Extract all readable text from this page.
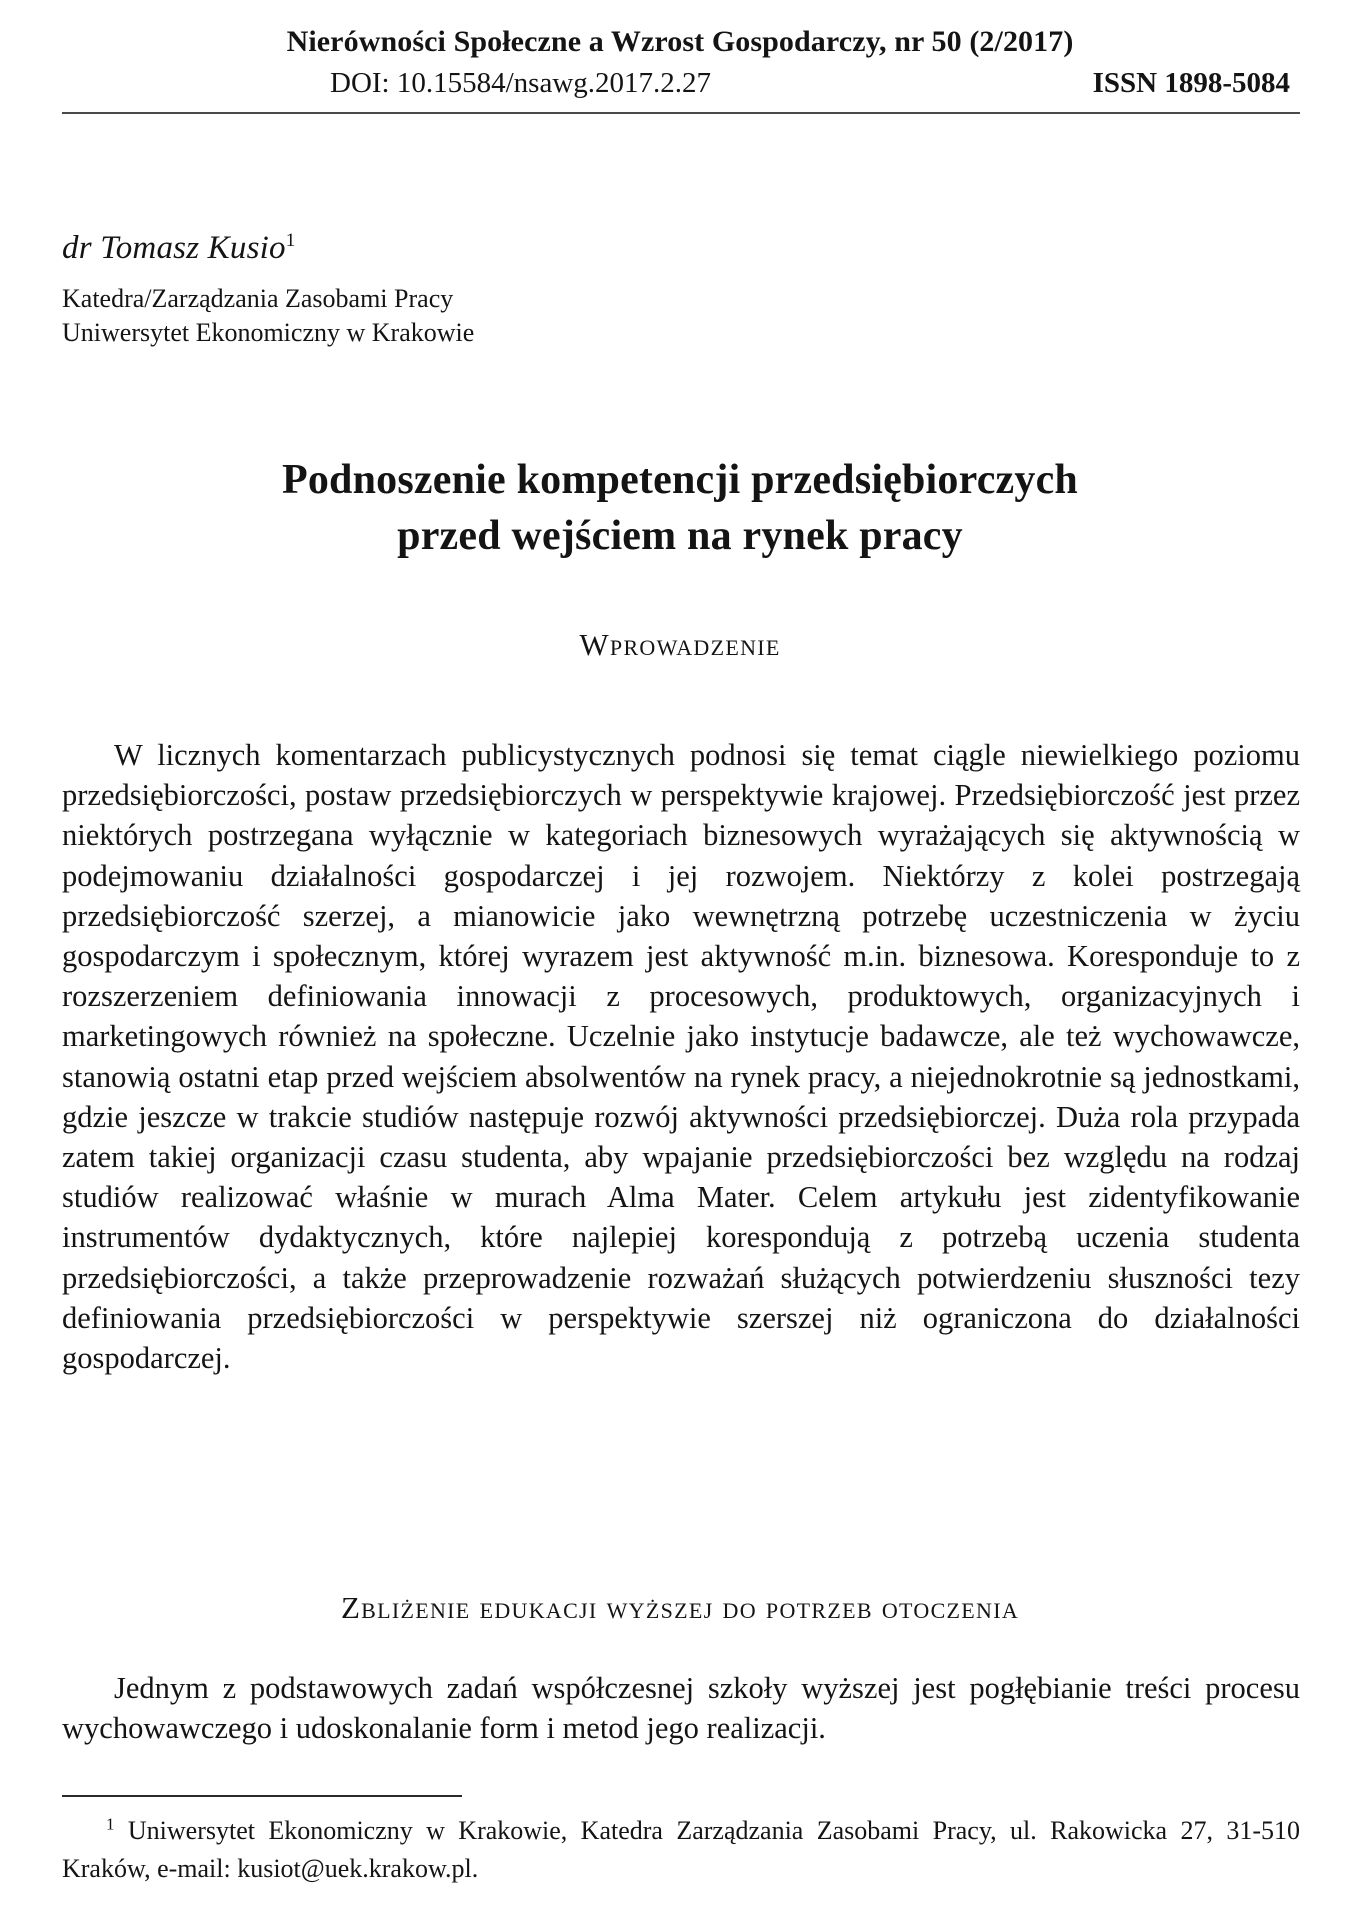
Nierówności Społeczne a Wzrost Gospodarczy, nr 50 (2/2017)
DOI: 10.15584/nsawg.2017.2.27	ISSN 1898-5084
dr Tomasz Kusio$^1$
Katedra/Zarządzania Zasobami Pracy
Uniwersytet Ekonomiczny w Krakowie
Podnoszenie kompetencji przedsiębiorczych
przed wejściem na rynek pracy
Wprowadzenie

W licznych komentarzach publicystycznych podnosi się temat ciągle niewielkiego poziomu przedsiębiorczości, postaw przedsiębiorczych w perspektywie krajowej. Przedsiębiorczość jest przez niektórych postrzegana wyłącznie w kategoriach biznesowych wyrażających się aktywnością w podejmowaniu działalności gospodarczej i jej rozwojem. Niektórzy z kolei postrzegają przedsiębiorczość szerzej, a mianowicie jako wewnętrzną potrzebę uczestniczenia w życiu gospodarczym i społecznym, której wyrazem jest aktywność m.in. biznesowa. Koresponduje to z rozszerzeniem definiowania innowacji z procesowych, produktowych, organizacyjnych i marketingowych również na społeczne. Uczelnie jako instytucje badawcze, ale też wychowawcze, stanowią ostatni etap przed wejściem absolwentów na rynek pracy, a niejednokrotnie są jednostkami, gdzie jeszcze w trakcie studiów następuje rozwój aktywności przedsiębiorczej. Duża rola przypada zatem takiej organizacji czasu studenta, aby wpajanie przedsiębiorczości bez względu na rodzaj studiów realizować właśnie w murach Alma Mater. Celem artykułu jest zidentyfikowanie instrumentów dydaktycznych, które najlepiej korespondują z potrzebą uczenia studenta przedsiębiorczości, a także przeprowadzenie rozważań służących potwierdzeniu słuszności tezy definiowania przedsiębiorczości w perspektywie szerszej niż ograniczona do działalności gospodarczej.

Zbliżenie edukacji wyższej do potrzeb otoczenia

Jednym z podstawowych zadań współczesnej szkoły wyższej jest pogłębianie treści procesu wychowawczego i udoskonalanie form i metod jego realizacji.

$^1$ Uniwersytet Ekonomiczny w Krakowie, Katedra Zarządzania Zasobami Pracy, ul. Rakowicka 27, 31-510 Kraków, e-mail: kusiot@uek.krakow.pl.
